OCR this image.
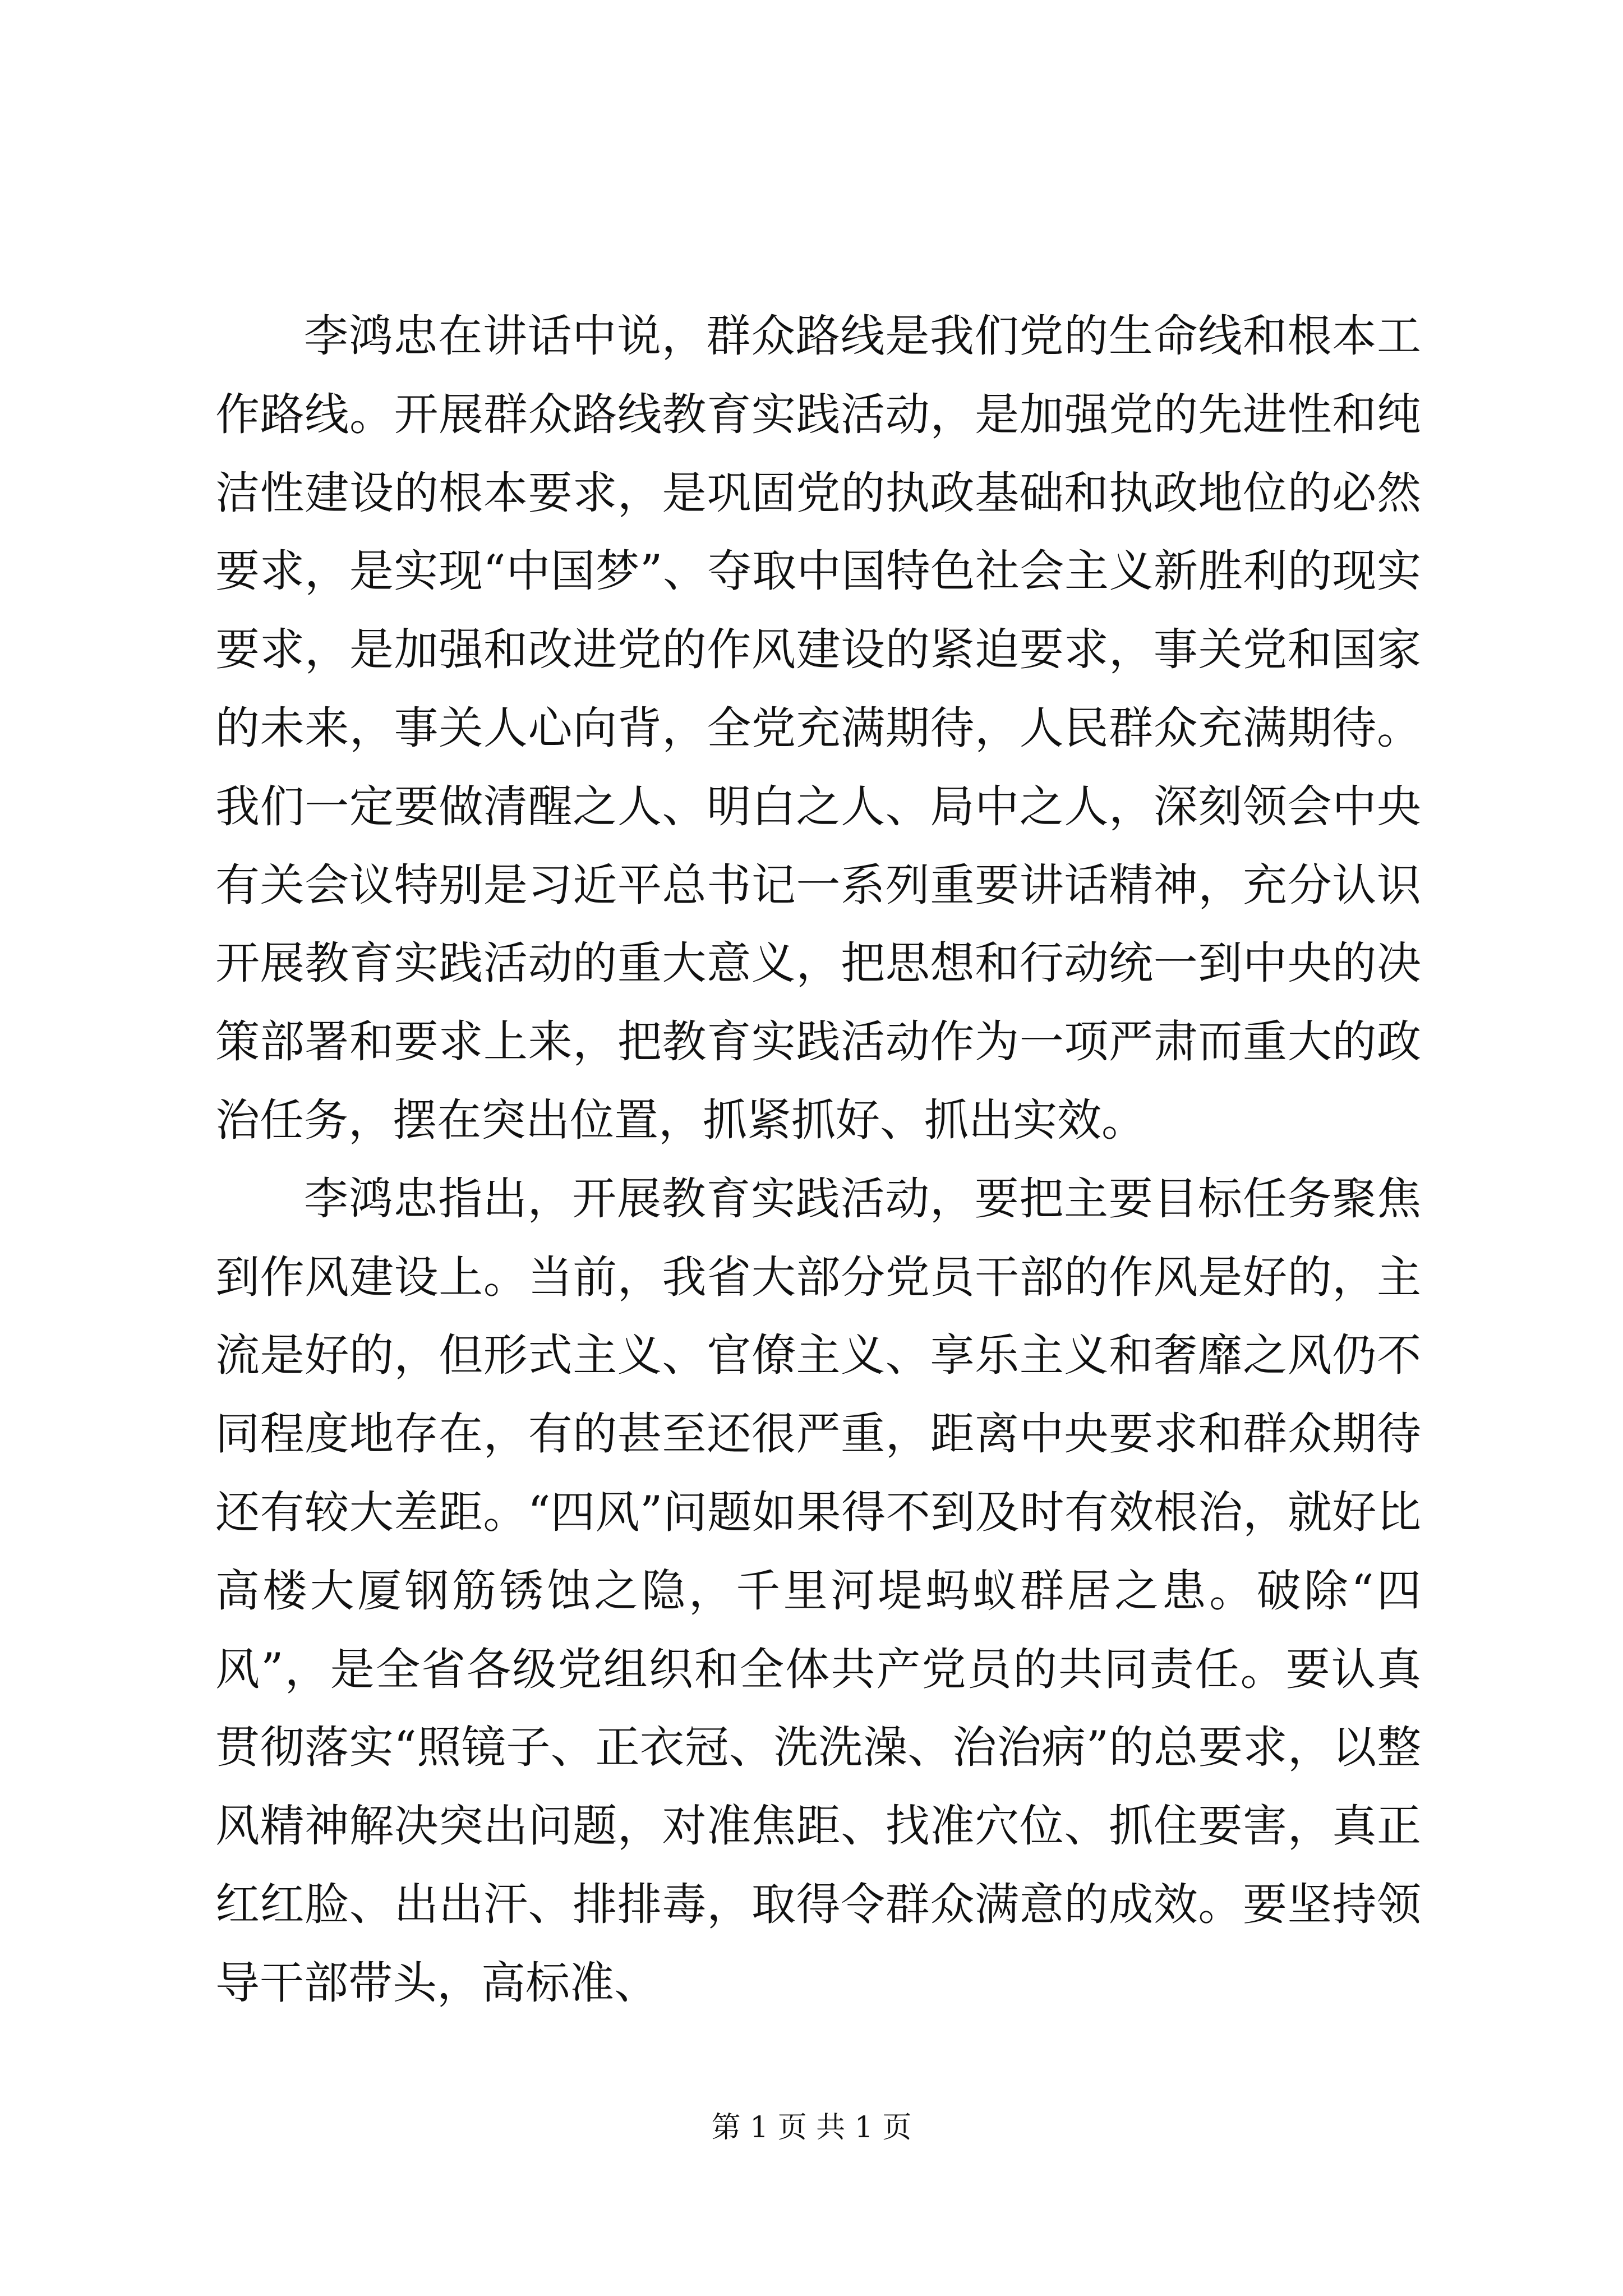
李鸿忠在讲话中说，群众路线是我们党的生命线和根本工作路线。开展群众路线教育实践活动，是加强党的先进性和纯洁性建设的根本要求，是巩固党的执政基础和执政地位的必然要求，是实现“中国梦”、夺取中国特色社会主义新胜利的现实要求，是加强和改进党的作风建设的紧迫要求，事关党和国家的未来，事关人心向背，全党充满期待，人民群众充满期待。我们一定要做清醒之人、明白之人、局中之人，深刻领会中央有关会议特别是习近平总书记一系列重要讲话精神，充分认识开展教育实践活动的重大意义，把思想和行动统一到中央的决策部署和要求上来，把教育实践活动作为一项严肃而重大的政治任务，摆在突出位置，抓紧抓好、抓出实效。

李鸿忠指出，开展教育实践活动，要把主要目标任务聚焦到作风建设上。当前，我省大部分党员干部的作风是好的，主流是好的，但形式主义、官僚主义、享乐主义和奢靡之风仍不同程度地存在，有的甚至还很严重，距离中央要求和群众期待还有较大差距。“四风”问题如果得不到及时有效根治，就好比高楼大厦钢筋锈蚀之隐，千里河堤蚂蚁群居之患。破除“四风”，是全省各级党组织和全体共产党员的共同责任。要认真贯彻落实“照镜子、正衣冠、洗洗澡、治治病”的总要求，以整风精神解决突出问题，对准焦距、找准穴位、抓住要害，真正红红脸、出出汗、排排毒，取得令群众满意的成效。要坚持领导干部带头，高标准、

第 1 页 共 1 页
